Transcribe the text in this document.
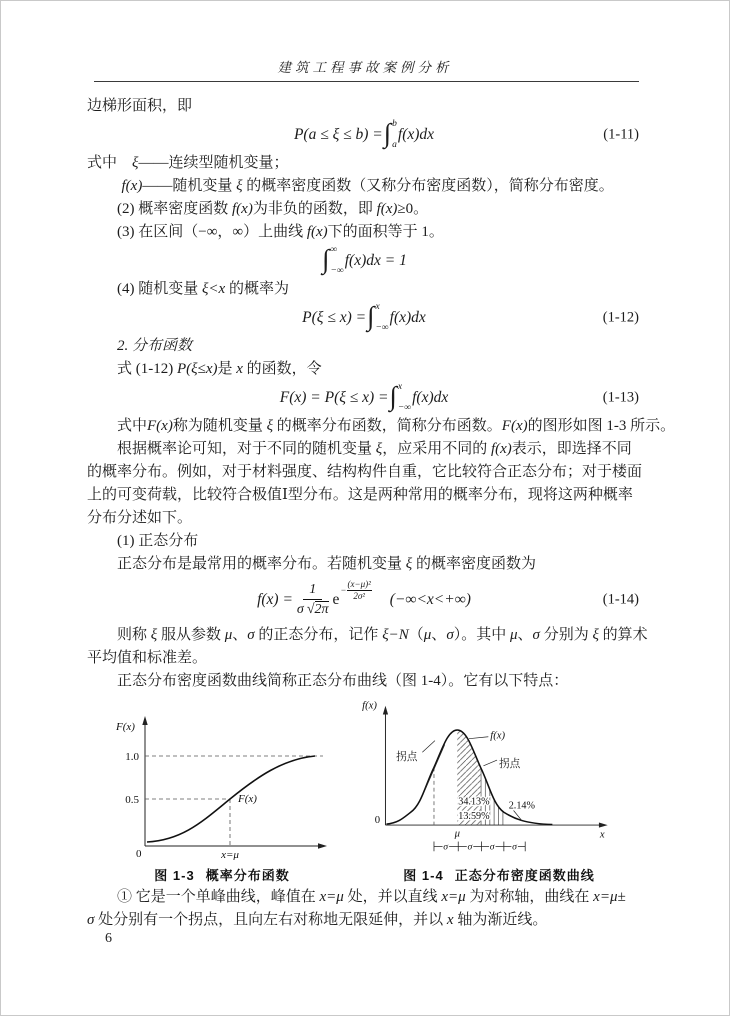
建筑工程事故案例分析
边梯形面积，即
P(a ≤ ξ ≤ b) = ∫ b
a
f(x)dx	(1-11)
式中　ξ——连续型随机变量；
f(x)——随机变量 ξ 的概率密度函数（又称分布密度函数），简称分布密度。
(2) 概率密度函数 f(x)为非负的函数，即 f(x)≥0。
(3) 在区间（−∞，∞）上曲线 f(x)下的面积等于 1。
∫ ∞
−∞
f(x)dx = 1
(4) 随机变量 ξ<x 的概率为
P(ξ ≤ x) = ∫ x
−∞
f(x)dx	(1-12)
2. 分布函数
式 (1-12) P(ξ≤x)是 x 的函数，令
F(x) = P(ξ ≤ x) = ∫ x
−∞
f(x)dx	(1-13)
式中F(x)称为随机变量 ξ 的概率分布函数，简称分布函数。F(x)的图形如图 1-3 所示。
根据概率论可知，对于不同的随机变量 ξ，应采用不同的 f(x)表示，即选择不同
的概率分布。例如，对于材料强度、结构构件自重，它比较符合正态分布；对于楼面
上的可变荷载，比较符合极值Ⅰ型分布。这是两种常用的概率分布，现将这两种概率
分布分述如下。
(1) 正态分布
正态分布是最常用的概率分布。若随机变量 ξ 的概率密度函数为
$f(x) = \frac{1}{\sigma √ 2\pi}$ e
− $\frac{\text{(x−μ)²}}{\text{2σ²}} (-\infty<x<+\infty)$	(1-14)
则称 ξ 服从参数 μ、σ 的正态分布，记作 ξ−N（μ、σ）。其中 μ、σ 分别为 ξ 的算术
平均值和标准差。
正态分布密度函数曲线简称正态分布曲线（图 1-4）。它有以下特点：
F(x)
1.0
0.5	F(x)
0	x=μ
图 1-3 概率分布函数
f(x)
拐点
f(x)
拐点
34.13%
13.59%
2.14%
μ
0
x
σ σ σ σ
图 1-4 正态分布密度函数曲线
① 它是一个单峰曲线，峰值在 x=μ 处，并以直线 x=μ 为对称轴，曲线在 x=μ±
σ 处分别有一个拐点，且向左右对称地无限延伸，并以 x 轴为渐近线。
6
